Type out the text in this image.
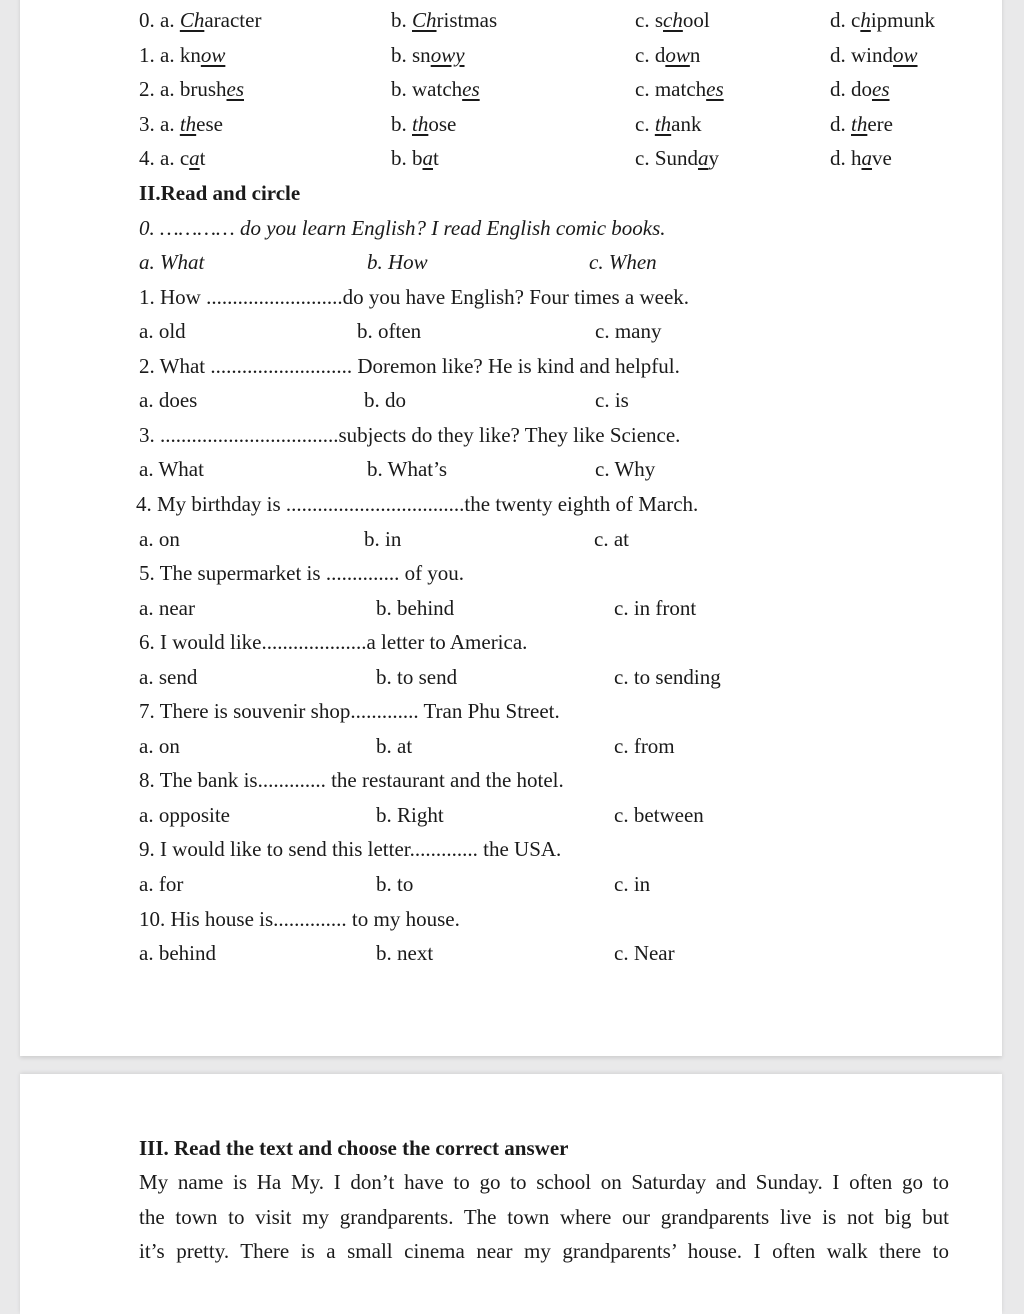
0. a. Character	b. Christmas	c. school	d. chipmunk
1. a. know	b. snowy	c. down	d. window
2. a. brushes	b. watches	c. matches	d. does
3. a. these	b. those	c. thank	d. there
4. a. cat	b. bat	c. Sunday	d. have
II.Read and circle
0. ………… do you learn English? I read English comic books.
a. What	b. How	c. When
1. How ..........................do you have English? Four times a week.
a. old	b. often	c. many
2. What ........................... Doremon like? He is kind and helpful.
a. does	b. do	c. is
3. ..................................subjects do they like? They like Science.
a. What	b. What’s	c. Why
4. My birthday is ..................................the twenty eighth of March.
a. on	b. in	c. at
5. The supermarket is .............. of you.
a. near	b. behind	c. in front
6. I would like....................a letter to America.
a. send	b. to send	c. to sending
7. There is souvenir shop............. Tran Phu Street.
a. on	b. at	c. from
8. The bank is............. the restaurant and the hotel.
a. opposite	b. Right	c. between
9. I would like to send this letter............. the USA.
a. for	b. to	c. in
10. His house is.............. to my house.
a. behind	b. next	c. Near
III. Read the text and choose the correct answer
My name is Ha My. I don’t have to go to school on Saturday and Sunday. I often go to
the town to visit my grandparents. The town where our grandparents live is not big but
it’s pretty. There is a small cinema near my grandparents’ house. I often walk there to
